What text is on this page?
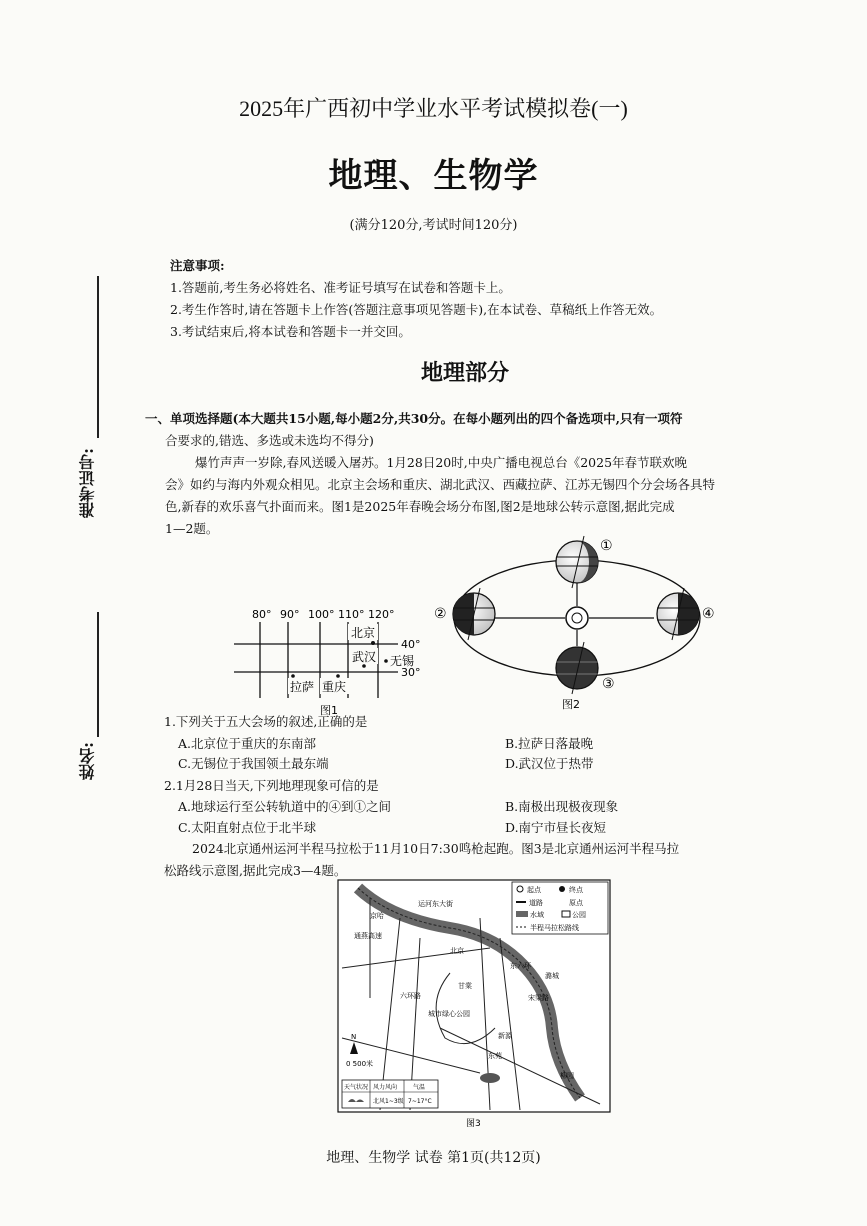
2025年广西初中学业水平考试模拟卷(一)
地理、生物学
(满分120分,考试时间120分)
注意事项:
1.答题前,考生务必将姓名、准考证号填写在试卷和答题卡上。
2.考生作答时,请在答题卡上作答(答题注意事项见答题卡),在本试卷、草稿纸上作答无效。
3.考试结束后,将本试卷和答题卡一并交回。
准考证号:
姓名:
地理部分
一、单项选择题(本大题共15小题,每小题2分,共30分。在每小题列出的四个备选项中,只有一项符
合要求的,错选、多选或未选均不得分)
爆竹声声一岁除,春风送暖入屠苏。1月28日20时,中央广播电视总台《2025年春节联欢晚
会》如约与海内外观众相见。北京主会场和重庆、湖北武汉、西藏拉萨、江苏无锡四个分会场各具特
色,新春的欢乐喜气扑面而来。图1是2025年春晚会场分布图,图2是地球公转示意图,据此完成
1—2题。
80° 90° 100° 110° 120°
40°
30°
北京
武汉 无锡
拉萨 重庆
图1
①
②
③
④
图2
1.下列关于五大会场的叙述,正确的是
A.北京位于重庆的东南部	B.拉萨日落最晚
C.无锡位于我国领土最东端	D.武汉位于热带
2.1月28日当天,下列地理现象可信的是
A.地球运行至公转轨道中的④到①之间	B.南极出现极夜现象
C.太阳直射点位于北半球	D.南宁市昼长夜短
2024北京通州运河半程马拉松于11月10日7:30鸣枪起跑。图3是北京通州运河半程马拉
松路线示意图,据此完成3—4题。
起点	终点
道路	原点
水域	公园
半程马拉松路线
运河东大街
城市绿心公园
甘棠
宋梁路
六环路
通燕高速
京哈
东六环
北京
潞城
柳园
东苑
新源
N
0 500米
天气状况 风力风向	气温
北风1~3级 7~17°C
图3
地理、生物学 试卷 第1页(共12页)
